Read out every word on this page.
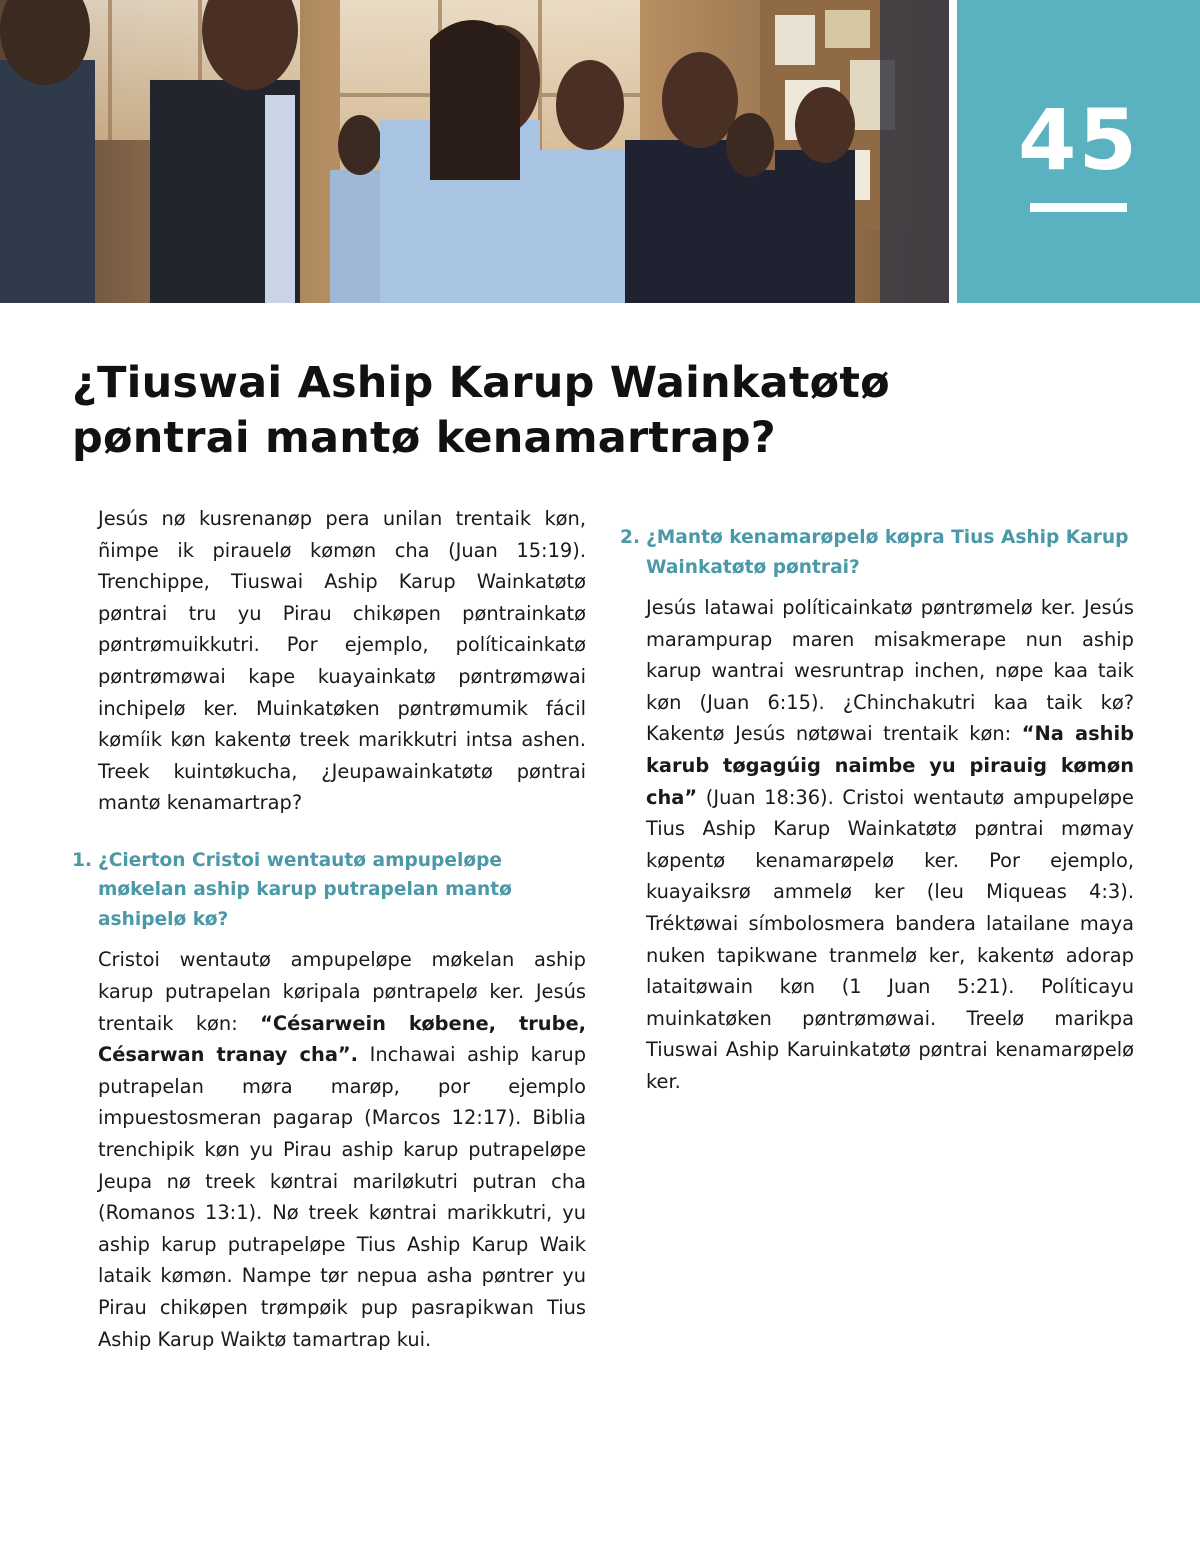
45
¿Tiuswai Aship Karup Wainkatøtø
pøntrai mantø kenamartrap?

Jesús nø kusrenanøp pera unilan trentaik køn, ñimpe ik pirauelø kømøn cha (Juan 15:19). Trenchippe, Tiuswai Aship Karup Wainkatøtø pøntrai tru yu Pirau chikøpen pøntrainkatø pøntrømuikkutri. Por ejemplo, políticainkatø pøntrømøwai kape kuayainkatø pøntrømøwai inchipelø ker. Muinkatøken pøntrømumik fácil kømíik køn kakentø treek marikkutri intsa ashen. Treek kuintøkucha, ¿Jeupawainkatøtø pøntrai mantø kenamartrap?

1. ¿Cierton Cristoi wentautø ampupeløpe møkelan aship karup putrapelan mantø ashipelø kø?

Cristoi wentautø ampupeløpe møkelan aship karup putrapelan køripala pøntrapelø ker. Jesús trentaik køn: “Césarwein købene, trube, Césarwan tranay cha”. Inchawai aship karup putrapelan møra marøp, por ejemplo impuestosmeran pagarap (Marcos 12:17). Biblia trenchipik køn yu Pirau aship karup putrapeløpe Jeupa nø treek køntrai mariløkutri putran cha (Romanos 13:1). Nø treek køntrai marikkutri, yu aship karup putrapeløpe Tius Aship Karup Waik lataik kømøn. Nampe tør nepua asha pøntrer yu Pirau chikøpen trømpøik pup pasrapikwan Tius Aship Karup Waiktø tamartrap kui.

2. ¿Mantø kenamarøpelø køpra Tius Aship Karup Wainkatøtø pøntrai?

Jesús latawai políticainkatø pøntrømelø ker. Jesús marampurap maren misakmerape nun aship karup wantrai wesruntrap inchen, nøpe kaa taik køn (Juan 6:15). ¿Chinchakutri kaa taik kø? Kakentø Jesús nøtøwai trentaik køn: “Na ashib karub tøgagúig naimbe yu pirauig kømøn cha” (Juan 18:36). Cristoi wentautø ampupeløpe Tius Aship Karup Wainkatøtø pøntrai mømay køpentø kenamarøpelø ker. Por ejemplo, kuayaiksrø ammelø ker (leu Miqueas 4:3). Tréktøwai símbolosmera bandera latailane maya nuken tapikwane tranmelø ker, kakentø adorap lataitøwain køn (1 Juan 5:21). Políticayu muinkatøken pøntrømøwai. Treelø marikpa Tiuswai Aship Karuinkatøtø pøntrai kenamarøpelø ker.
